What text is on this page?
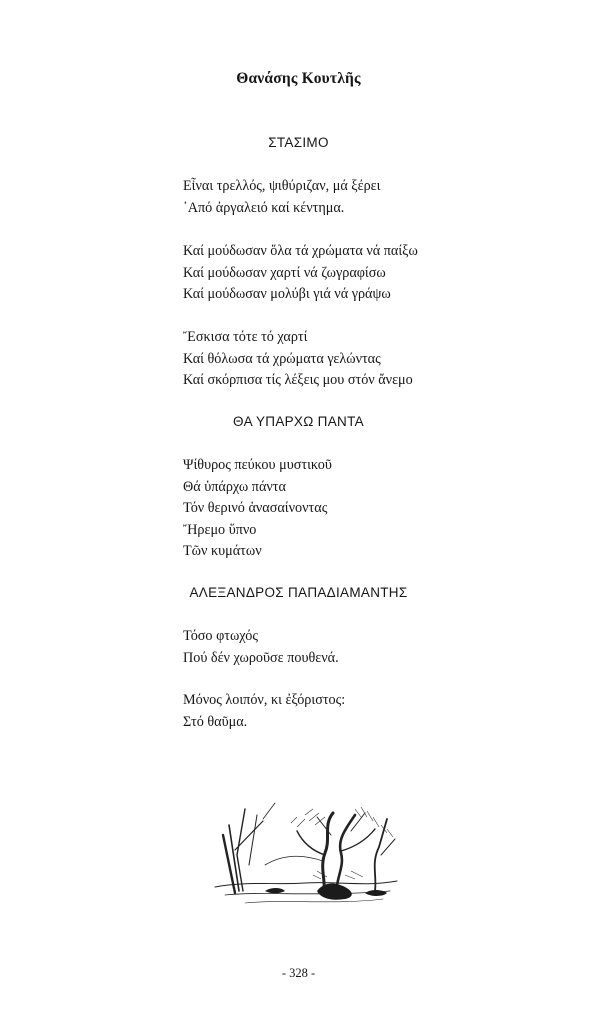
Θανάσης Κουτλῆς
ΣΤΑΣΙΜΟ
Εἶναι τρελλός, ψιθύριζαν, μά ξέρει
᾿Από ἀργαλειό καί κέντημα.
Καί μούδωσαν ὅλα τά χρώματα νά παίξω
Καί μούδωσαν χαρτί νά ζωγραφίσω
Καί μούδωσαν μολύβι γιά νά γράψω
Ἔσκισα τότε τό χαρτί
Καί θόλωσα τά χρώματα γελώντας
Καί σκόρπισα τίς λέξεις μου στόν ἄνεμο
ΘΑ ΥΠΑΡΧΩ ΠΑΝΤΑ
Ψίθυρος πεύκου μυστικοῦ
Θά ὑπάρχω πάντα
Τόν θερινό ἀνασαίνοντας
Ἤρεμο ὕπνο
Τῶν κυμάτων
ΑΛΕΞΑΝΔΡΟΣ ΠΑΠΑΔΙΑΜΑΝΤΗΣ
Τόσο φτωχός
Πού δέν χωροῦσε πουθενά.
Μόνος λοιπόν, κι ἐξόριστος:
Στό θαῦμα.
- 328 -
